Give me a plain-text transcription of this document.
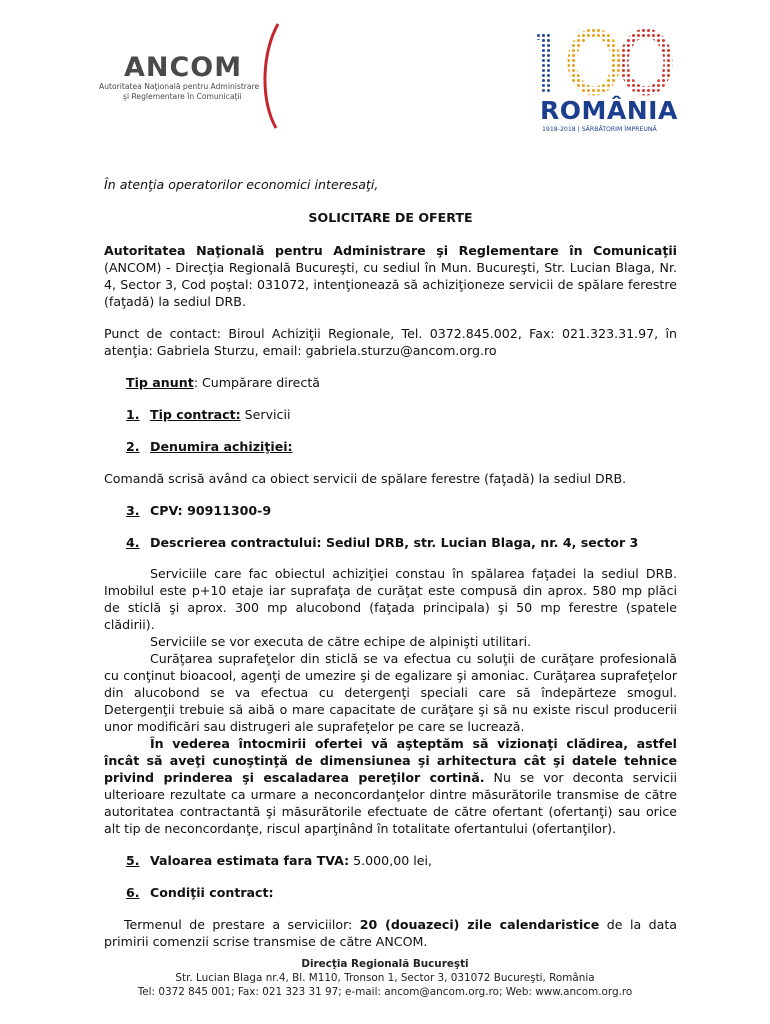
ANCOM
Autoritatea Naţională pentru Administrare
şi Reglementare în Comunicaţii	ROMÂNIA
1918-2018 | SĂRBĂTORIM ÎMPREUNĂ

În atenţia operatorilor economici interesaţi,

SOLICITARE DE OFERTE

Autoritatea Naţională pentru Administrare şi Reglementare în Comunicaţii (ANCOM) - Direcţia Regională Bucureşti, cu sediul în Mun. Bucureşti, Str. Lucian Blaga, Nr. 4, Sector 3, Cod poştal: 031072, intenţionează să achiziţioneze servicii de spălare ferestre (faţadă) la sediul DRB.

Punct de contact: Biroul Achiziţii Regionale, Tel. 0372.845.002, Fax: 021.323.31.97, în atenţia: Gabriela Sturzu, email: gabriela.sturzu@ancom.org.ro

Tip anunt: Cumpărare directă

1. Tip contract: Servicii

2. Denumira achiziţiei:

Comandă scrisă având ca obiect servicii de spălare ferestre (faţadă) la sediul DRB.

3. CPV: 90911300-9

4. Descrierea contractului: Sediul DRB, str. Lucian Blaga, nr. 4, sector 3

Serviciile care fac obiectul achiziţiei constau în spălarea faţadei la sediul DRB. Imobilul este p+10 etaje iar suprafaţa de curăţat este compusă din aprox. 580 mp plăci de sticlă şi aprox. 300 mp alucobond (faţada principala) şi 50 mp ferestre (spatele clădirii).

Serviciile se vor executa de către echipe de alpinişti utilitari.

Curăţarea suprafeţelor din sticlă se va efectua cu soluţii de curăţare profesională cu conţinut bioacool, agenţi de umezire şi de egalizare şi amoniac. Curăţarea suprafeţelor din alucobond se va efectua cu detergenţi speciali care să îndepărteze smogul. Detergenţii trebuie să aibă o mare capacitate de curăţare şi să nu existe riscul producerii unor modificări sau distrugeri ale suprafeţelor pe care se lucrează.

În vederea întocmirii ofertei vă aşteptăm să vizionaţi clădirea, astfel încât să aveţi cunoştinţă de dimensiunea şi arhitectura cât şi datele tehnice privind prinderea şi escaladarea pereţilor cortină. Nu se vor deconta servicii ulterioare rezultate ca urmare a neconcordanţelor dintre măsurătorile transmise de către autoritatea contractantă şi măsurătorile efectuate de către ofertant (ofertanţi) sau orice alt tip de neconcordanţe, riscul aparţinând în totalitate ofertantului (ofertanţilor).

5. Valoarea estimata fara TVA: 5.000,00 lei,

6. Condiţii contract:

Termenul de prestare a serviciilor: 20 (douazeci) zile calendaristice de la data primirii comenzii scrise transmise de către ANCOM.

Direcţia Regională Bucureşti
Str. Lucian Blaga nr.4, Bl. M110, Tronson 1, Sector 3, 031072 Bucureşti, România
Tel: 0372 845 001; Fax: 021 323 31 97; e-mail: ancom@ancom.org.ro; Web: www.ancom.org.ro
